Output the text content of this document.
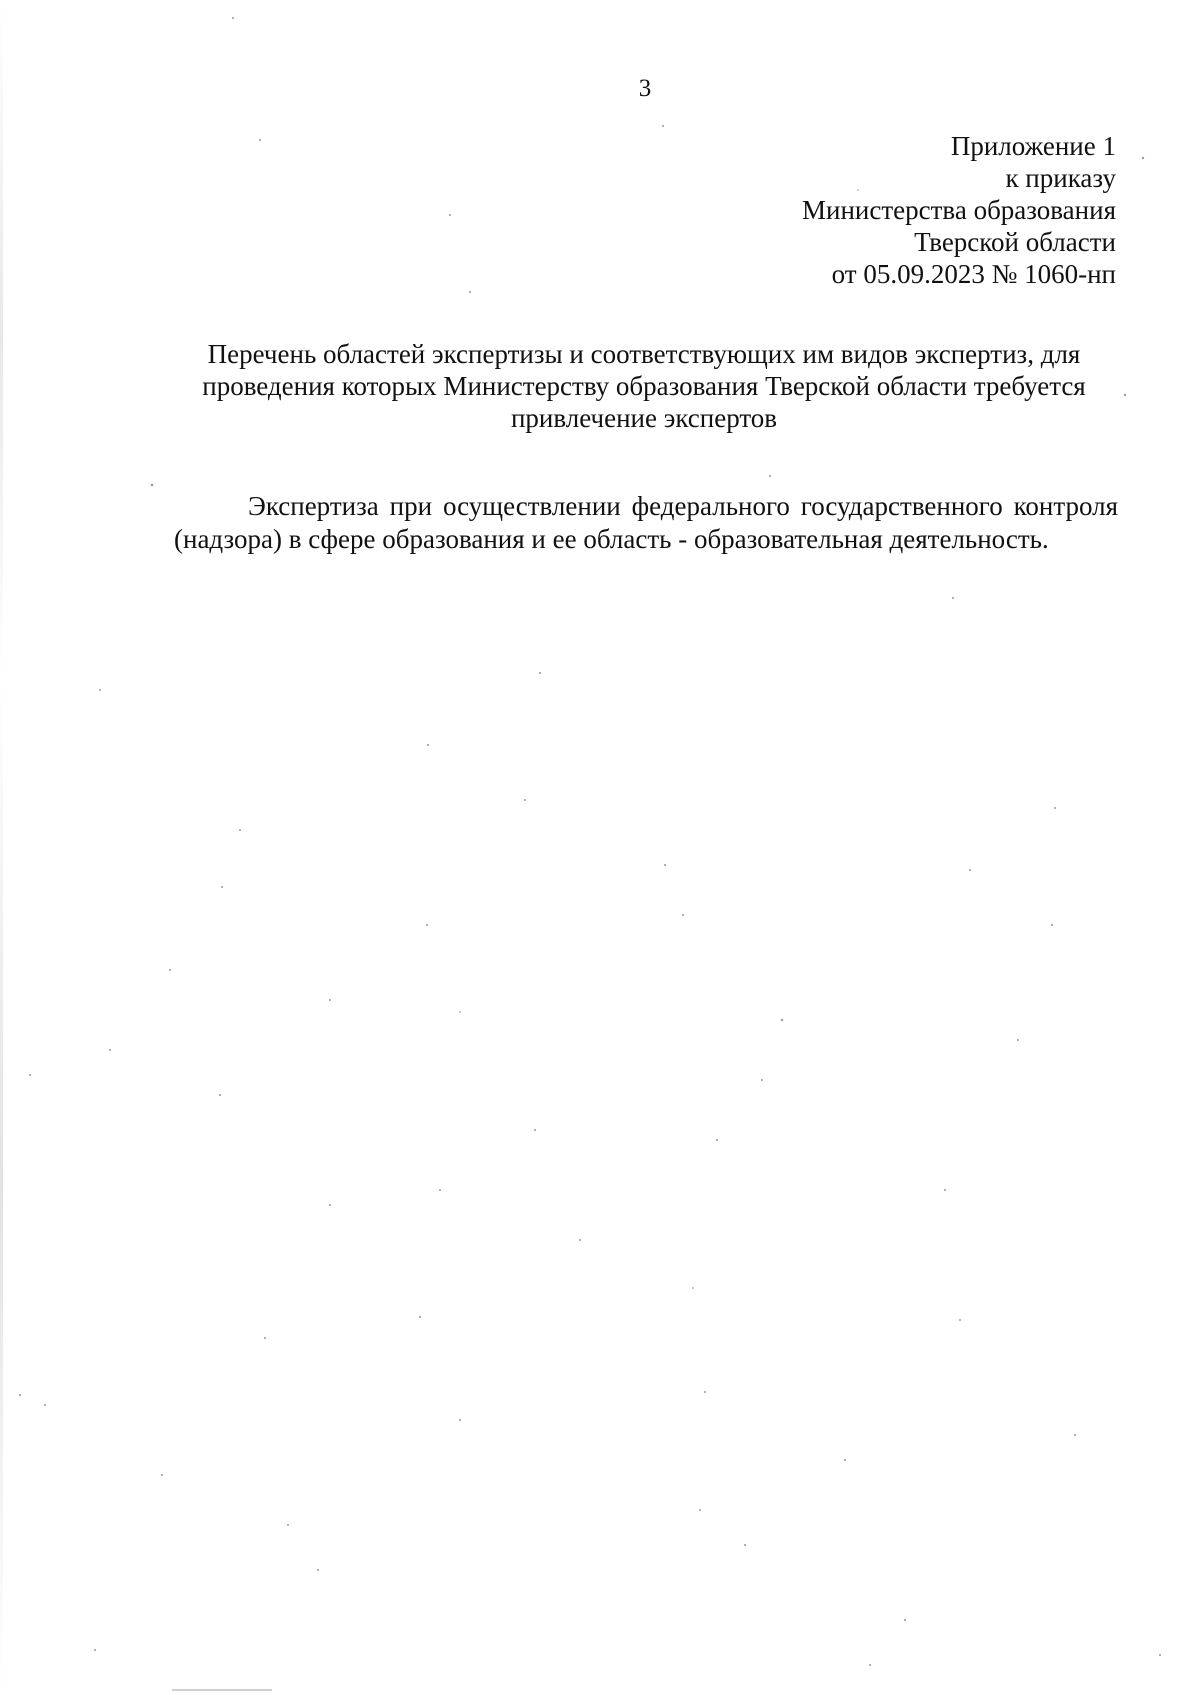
3
Приложение 1
к приказу
Министерства образования
Тверской области
от 05.09.2023 № 1060-нп
Перечень областей экспертизы и соответствующих им видов экспертиз, для проведения которых Министерству образования Тверской области требуется привлечение экспертов
Экспертиза при осуществлении федерального государственного контроля (надзора) в сфере образования и ее область - образовательная деятельность.
